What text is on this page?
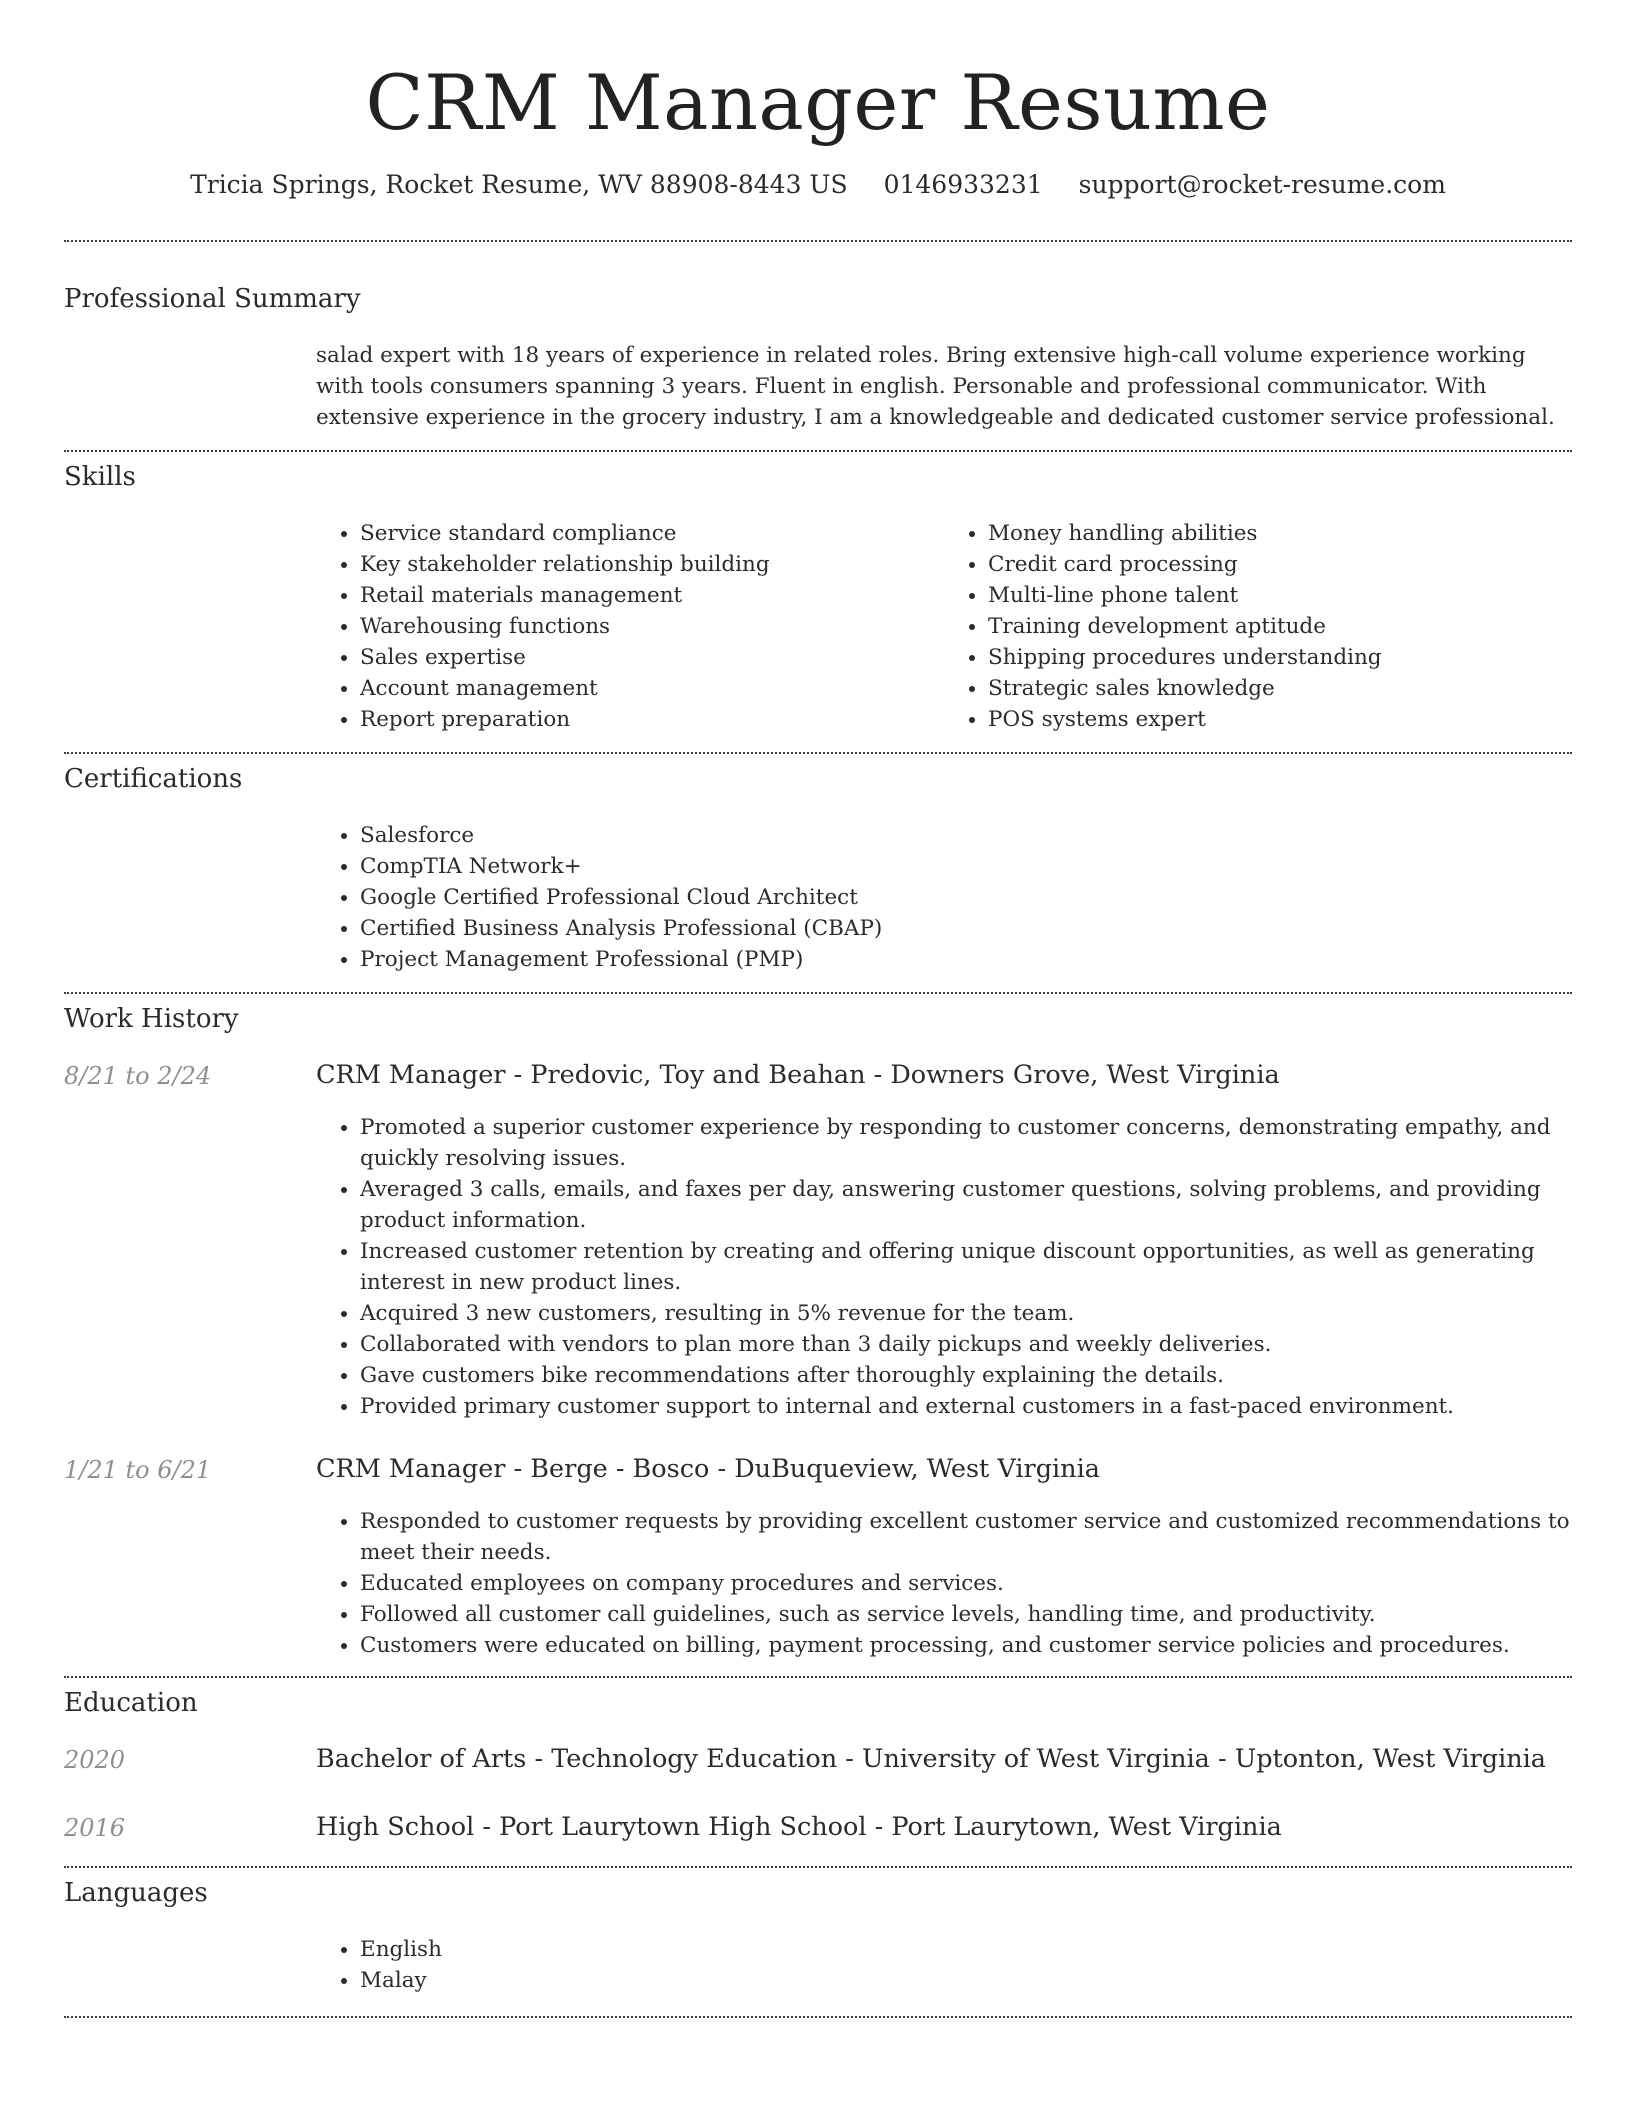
CRM Manager Resume
Tricia Springs, Rocket Resume, WV 88908-8443 US 0146933231 support@rocket-resume.com
Professional Summary
salad expert with 18 years of experience in related roles. Bring extensive high-call volume experience working with tools consumers spanning 3 years. Fluent in english. Personable and professional communicator. With extensive experience in the grocery industry, I am a knowledgeable and dedicated customer service professional.
Skills
• Service standard compliance
• Key stakeholder relationship building
• Retail materials management
• Warehousing functions
• Sales expertise
• Account management
• Report preparation
• Money handling abilities
• Credit card processing
• Multi-line phone talent
• Training development aptitude
• Shipping procedures understanding
• Strategic sales knowledge
• POS systems expert
Certifications
• Salesforce
• CompTIA Network+
• Google Certified Professional Cloud Architect
• Certified Business Analysis Professional (CBAP)
• Project Management Professional (PMP)
Work History
8/21 to 2/24	CRM Manager - Predovic, Toy and Beahan - Downers Grove, West Virginia
• Promoted a superior customer experience by responding to customer concerns, demonstrating empathy, and quickly resolving issues.
• Averaged 3 calls, emails, and faxes per day, answering customer questions, solving problems, and providing product information.
• Increased customer retention by creating and offering unique discount opportunities, as well as generating interest in new product lines.
• Acquired 3 new customers, resulting in 5% revenue for the team.
• Collaborated with vendors to plan more than 3 daily pickups and weekly deliveries.
• Gave customers bike recommendations after thoroughly explaining the details.
• Provided primary customer support to internal and external customers in a fast-paced environment.
1/21 to 6/21	CRM Manager - Berge - Bosco - DuBuqueview, West Virginia
• Responded to customer requests by providing excellent customer service and customized recommendations to meet their needs.
• Educated employees on company procedures and services.
• Followed all customer call guidelines, such as service levels, handling time, and productivity.
• Customers were educated on billing, payment processing, and customer service policies and procedures.
Education
2020	Bachelor of Arts - Technology Education - University of West Virginia - Uptonton, West Virginia
2016	High School - Port Laurytown High School - Port Laurytown, West Virginia
Languages
• English
• Malay
